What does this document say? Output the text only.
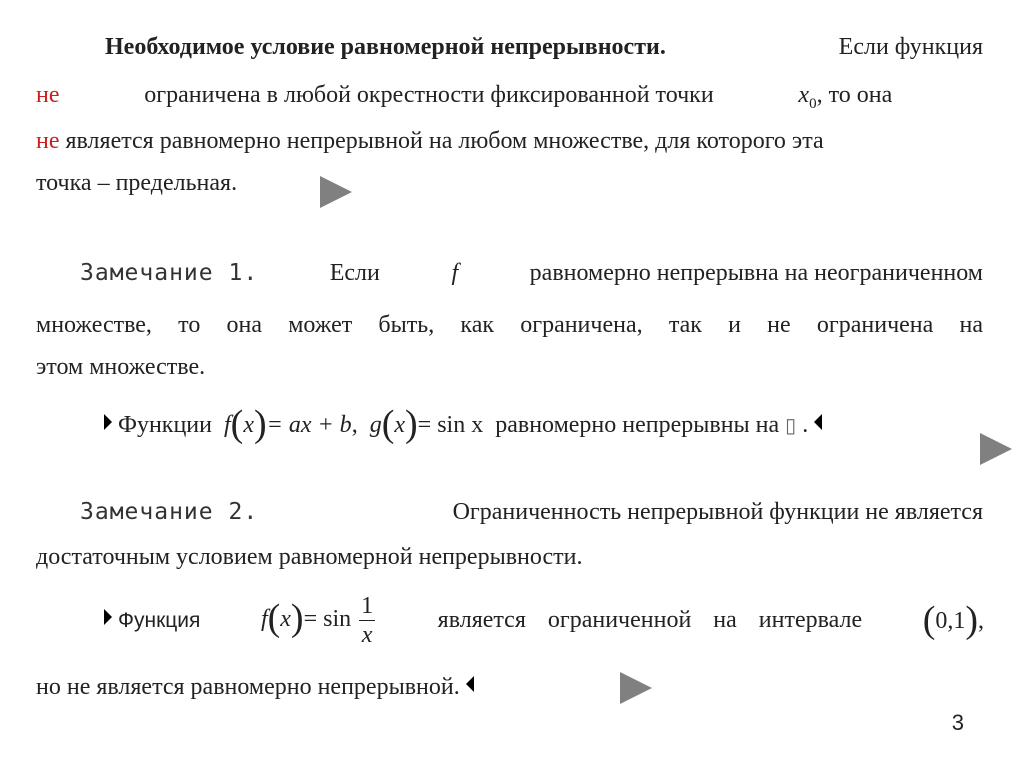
Необходимое условие равномерной непрерывности.	Если функция
не	ограничена в любой окрестности фиксированной точки	$x_0$, то она
не является равномерно непрерывной на любом множестве, для которого эта
точка – предельная.
Замечание 1.	Если	f	равномерно непрерывна на неограниченном
множестве, то она может быть, как ограничена, так и не ограничена на
этом множестве.
Функции f(x)= ax + b, g(x)= sin x равномерно непрерывны на ▯ .
Замечание 2.	Ограниченность непрерывной функции не является
достаточным условием равномерной непрерывности.
Функция	$f(x)= \sin \frac{1}{x}$	является ограниченной на интервале (0,1),
но не является равномерно непрерывной.
3
